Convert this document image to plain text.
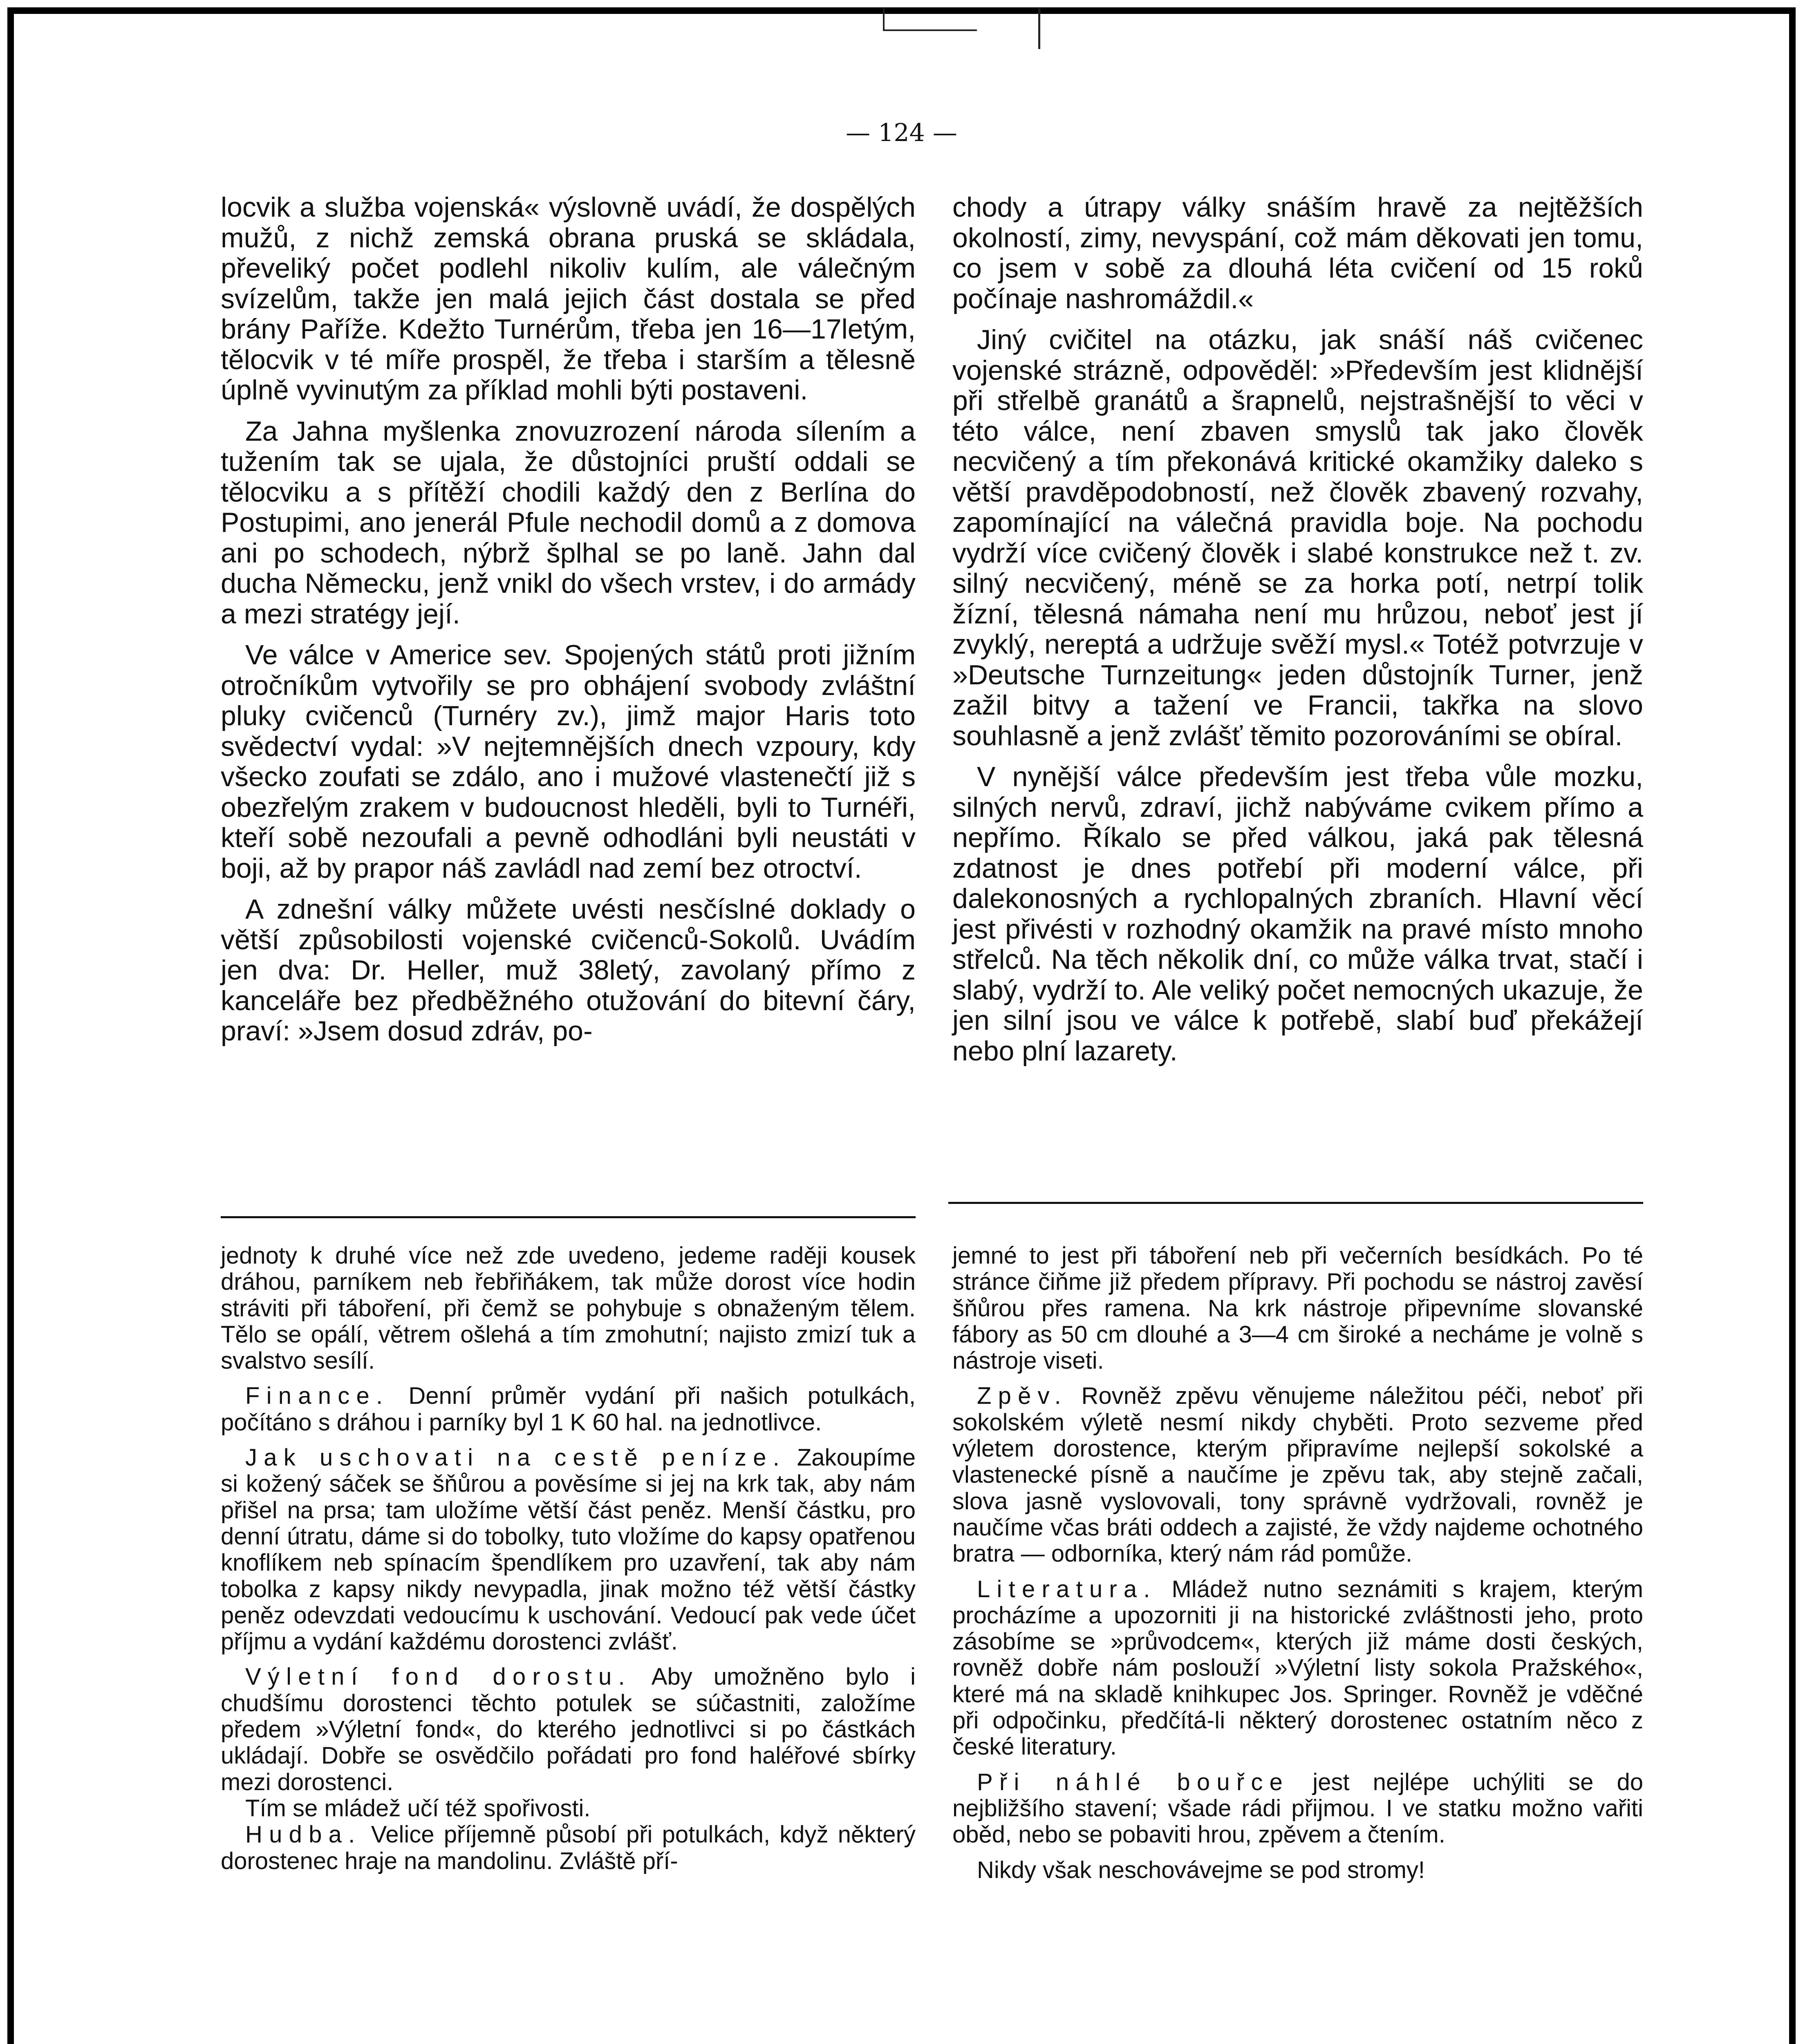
— 124 —

locvik a služba vojenská« výslovně uvádí, že dospělých mužů, z nichž zemská obrana pruská se skládala, převeliký počet podlehl nikoliv kulím, ale válečným svízelům, takže jen malá jejich část dostala se před brány Paříže. Kdežto Turnérům, třeba jen 16—17letým, tělocvik v té míře prospěl, že třeba i starším a tělesně úplně vyvinutým za příklad mohli býti postaveni.

Za Jahna myšlenka znovuzrození národa sílením a tužením tak se ujala, že důstojníci pruští oddali se tělocviku a s přítěží chodili každý den z Berlína do Postupimi, ano jenerál Pfule nechodil domů a z domova ani po schodech, nýbrž šplhal se po laně. Jahn dal ducha Německu, jenž vnikl do všech vrstev, i do armády a mezi stratégy její.

Ve válce v Americe sev. Spojených států proti jižním otročníkům vytvořily se pro obhájení svobody zvláštní pluky cvičenců (Turnéry zv.), jimž major Haris toto svědectví vydal: »V nejtemnějších dnech vzpoury, kdy všecko zoufati se zdálo, ano i mužové vlastenečtí již s obezřelým zrakem v budoucnost hleděli, byli to Turnéři, kteří sobě nezoufali a pevně odhodláni byli neustáti v boji, až by prapor náš zavládl nad zemí bez otroctví.

A zdnešní války můžete uvésti nesčíslné doklady o větší způsobilosti vojenské cvičenců-Sokolů. Uvádím jen dva: Dr. Heller, muž 38letý, zavolaný přímo z kanceláře bez předběžného otužování do bitevní čáry, praví: »Jsem dosud zdráv, po-

chody a útrapy války snáším hravě za nejtěžších okolností, zimy, nevyspání, což mám děkovati jen tomu, co jsem v sobě za dlouhá léta cvičení od 15 roků počínaje nashromáždil.«

Jiný cvičitel na otázku, jak snáší náš cvičenec vojenské strázně, odpověděl: »Především jest klidnější při střelbě granátů a šrapnelů, nejstrašnější to věci v této válce, není zbaven smyslů tak jako člověk necvičený a tím překonává kritické okamžiky daleko s větší pravděpodobností, než člověk zbavený rozvahy, zapomínající na válečná pravidla boje. Na pochodu vydrží více cvičený člověk i slabé konstrukce než t. zv. silný necvičený, méně se za horka potí, netrpí tolik žízní, tělesná námaha není mu hrůzou, neboť jest jí zvyklý, nereptá a udržuje svěží mysl.« Totéž potvrzuje v »Deutsche Turnzeitung« jeden důstojník Turner, jenž zažil bitvy a tažení ve Francii, takřka na slovo souhlasně a jenž zvlášť těmito pozorováními se obíral.

V nynější válce především jest třeba vůle mozku, silných nervů, zdraví, jichž nabýváme cvikem přímo a nepřímo. Říkalo se před válkou, jaká pak tělesná zdatnost je dnes potřebí při moderní válce, při dalekonosných a rychlopalných zbraních. Hlavní věcí jest přivésti v rozhodný okamžik na pravé místo mnoho střelců. Na těch několik dní, co může válka trvat, stačí i slabý, vydrží to. Ale veliký počet nemocných ukazuje, že jen silní jsou ve válce k potřebě, slabí buď překážejí nebo plní lazarety.

jednoty k druhé více než zde uvedeno, jedeme raději kousek dráhou, parníkem neb řebřiňákem, tak může dorost více hodin stráviti při táboření, při čemž se pohybuje s obnaženým tělem. Tělo se opálí, větrem ošlehá a tím zmohutní; najisto zmizí tuk a svalstvo sesílí.

Finance. Denní průměr vydání při našich potulkách, počítáno s dráhou i parníky byl 1 K 60 hal. na jednotlivce.

Jak uschovati na cestě peníze. Zakoupíme si kožený sáček se šňůrou a pověsíme si jej na krk tak, aby nám přišel na prsa; tam uložíme větší část peněz. Menší částku, pro denní útratu, dáme si do tobolky, tuto vložíme do kapsy opatřenou knoflíkem neb spínacím špendlíkem pro uzavření, tak aby nám tobolka z kapsy nikdy nevypadla, jinak možno též větší částky peněz odevzdati vedoucímu k uschování. Vedoucí pak vede účet příjmu a vydání každému dorostenci zvlášť.

Výletní fond dorostu. Aby umožněno bylo i chudšímu dorostenci těchto potulek se súčastniti, založíme předem »Výletní fond«, do kterého jednotlivci si po částkách ukládají. Dobře se osvědčilo pořádati pro fond haléřové sbírky mezi dorostenci.

Tím se mládež učí též spořivosti.

Hudba. Velice příjemně působí při potulkách, když některý dorostenec hraje na mandolinu. Zvláště pří-

jemné to jest při táboření neb při večerních besídkách. Po té stránce čiňme již předem přípravy. Při pochodu se nástroj zavěsí šňůrou přes ramena. Na krk nástroje připevníme slovanské fábory as 50 cm dlouhé a 3—4 cm široké a necháme je volně s nástroje viseti.

Zpěv. Rovněž zpěvu věnujeme náležitou péči, neboť při sokolském výletě nesmí nikdy chyběti. Proto sezveme před výletem dorostence, kterým připravíme nejlepší sokolské a vlastenecké písně a naučíme je zpěvu tak, aby stejně začali, slova jasně vyslovovali, tony správně vydržovali, rovněž je naučíme včas bráti oddech a zajisté, že vždy najdeme ochotného bratra — odborníka, který nám rád pomůže.

Literatura. Mládež nutno seznámiti s krajem, kterým procházíme a upozorniti ji na historické zvláštnosti jeho, proto zásobíme se »průvodcem«, kterých již máme dosti českých, rovněž dobře nám poslouží »Výletní listy sokola Pražského«, které má na skladě knihkupec Jos. Springer. Rovněž je vděčné při odpočinku, předčítá-li některý dorostenec ostatním něco z české literatury.

Při náhlé bouřce jest nejlépe uchýliti se do nejbližšího stavení; všade rádi přijmou. I ve statku možno vařiti oběd, nebo se pobaviti hrou, zpěvem a čtením.

Nikdy však neschovávejme se pod stromy!
